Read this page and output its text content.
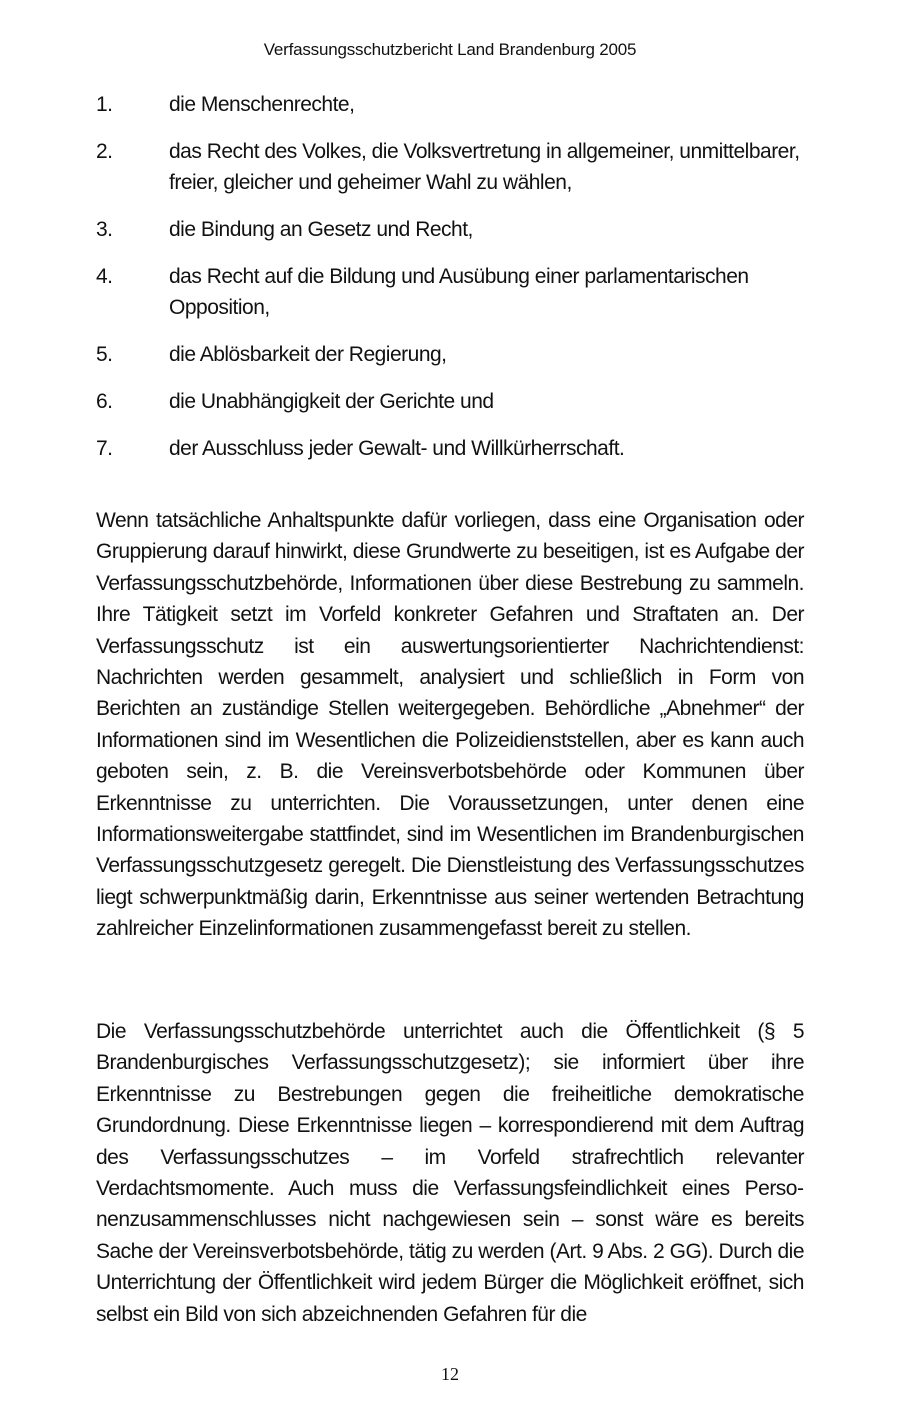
Verfassungsschutzbericht Land Brandenburg 2005
1.	die Menschenrechte,
2.	das Recht des Volkes, die Volksvertretung in allgemeiner, unmittelbarer, freier, gleicher und geheimer Wahl zu wählen,
3.	die Bindung an Gesetz und Recht,
4.	das Recht auf die Bildung und Ausübung einer parlamentarischen Opposition,
5.	die Ablösbarkeit der Regierung,
6.	die Unabhängigkeit der Gerichte und
7.	der Ausschluss jeder Gewalt- und Willkürherrschaft.

Wenn tatsächliche Anhaltspunkte dafür vorliegen, dass eine Organisation oder Gruppierung darauf hinwirkt, diese Grundwerte zu beseitigen, ist es Aufgabe der Verfassungsschutzbehörde, Informationen über diese Bestrebung zu sammeln. Ihre Tätigkeit setzt im Vorfeld konkreter Gefahren und Straftaten an. Der Verfassungsschutz ist ein auswertungsorientierter Nachrichtendienst: Nachrichten werden gesammelt, analysiert und schließlich in Form von Berichten an zuständige Stellen weitergegeben. Behördliche „Abnehmer“ der Informationen sind im Wesentlichen die Polizeidienststellen, aber es kann auch geboten sein, z. B. die Vereinsverbotsbehörde oder Kommunen über Erkenntnisse zu unterrichten. Die Voraussetzungen, unter denen eine Informationsweitergabe stattfindet, sind im Wesentlichen im Brandenburgischen Verfassungsschutzgesetz geregelt. Die Dienstleistung des Verfassungsschutzes liegt schwerpunktmäßig darin, Erkenntnisse aus seiner wertenden Betrachtung zahlreicher Einzelinformationen zusammengefasst bereit zu stellen.

Die Verfassungsschutzbehörde unterrichtet auch die Öffentlichkeit (§ 5 Brandenburgisches Verfassungsschutzgesetz); sie informiert über ihre Erkenntnisse zu Bestrebungen gegen die freiheitliche demokratische Grundordnung. Diese Erkenntnisse liegen – korrespondierend mit dem Auftrag des Verfassungsschutzes – im Vorfeld strafrechtlich relevanter Verdachtsmomente. Auch muss die Verfassungsfeindlichkeit eines Personenzusammenschlusses nicht nachgewiesen sein – sonst wäre es bereits Sache der Vereinsverbotsbehörde, tätig zu werden (Art. 9 Abs. 2 GG). Durch die Unterrichtung der Öffentlichkeit wird jedem Bürger die Möglichkeit eröffnet, sich selbst ein Bild von sich abzeichnenden Gefahren für die

12
